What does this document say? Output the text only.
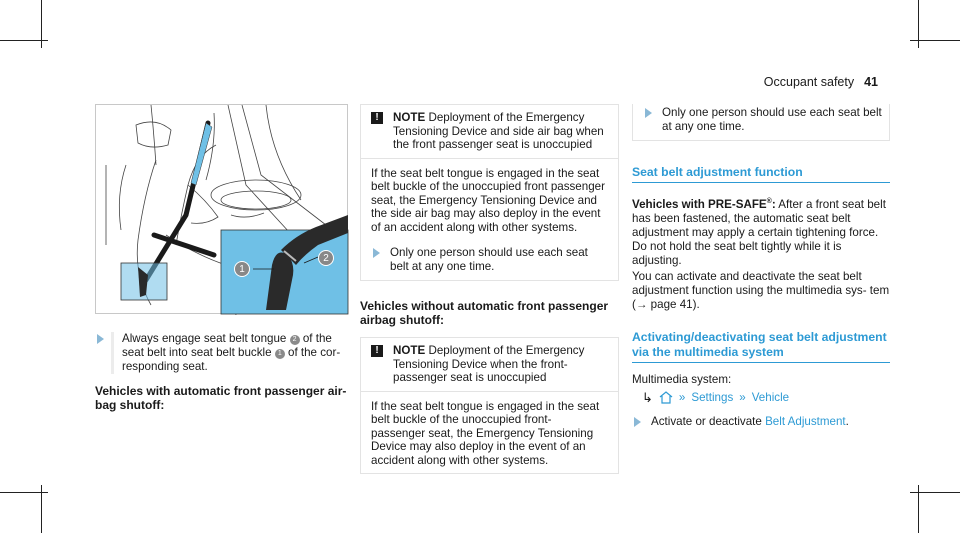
Occupant safety 41
1
2
Always engage seat belt tongue 2 of the seat belt into seat belt buckle 1 of the cor- responding seat.
Vehicles with automatic front passenger air- bag shutoff:
!	NOTE Deployment of the Emergency Tensioning Device and side air bag when the front passenger seat is unoccupied
If the seat belt tongue is engaged in the seat belt buckle of the unoccupied front passenger seat, the Emergency Tensioning Device and the side air bag may also deploy in the event of an accident along with other systems.
Only one person should use each seat belt at any one time.
Vehicles without automatic front passenger airbag shutoff:
!	NOTE Deployment of the Emergency Tensioning Device when the front- passenger seat is unoccupied
If the seat belt tongue is engaged in the seat belt buckle of the unoccupied front- passenger seat, the Emergency Tensioning Device may also deploy in the event of an accident along with other systems.
Only one person should use each seat belt at any one time.
Seat belt adjustment function
Vehicles with PRE-SAFE®: After a front seat belt has been fastened, the automatic seat belt adjustment may apply a certain tightening force. Do not hold the seat belt tightly while it is adjusting.
You can activate and deactivate the seat belt adjustment function using the multimedia sys- tem (→ page 41).
Activating/deactivating seat belt adjustment via the multimedia system
Multimedia system:
↳ » Settings » Vehicle
Activate or deactivate Belt Adjustment.
